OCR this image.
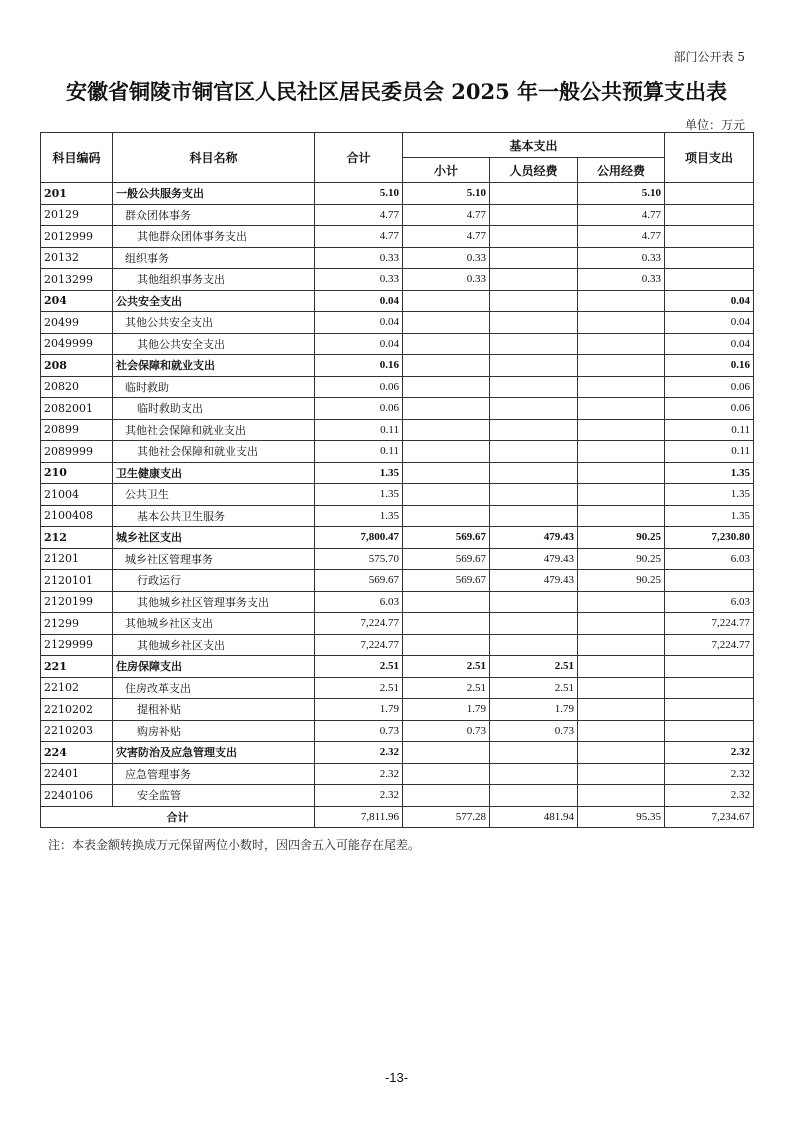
部门公开表 5
安徽省铜陵市铜官区人民社区居民委员会 2025 年一般公共预算支出表
单位：万元
科目编码	科目名称	合计	基本支出			项目支出
			小计	人员经费	公用经费	
201	一般公共服务支出	5.10	5.10		5.10	
20129	群众团体事务	4.77	4.77		4.77	
2012999	其他群众团体事务支出	4.77	4.77		4.77	
20132	组织事务	0.33	0.33		0.33	
2013299	其他组织事务支出	0.33	0.33		0.33	
204	公共安全支出	0.04				0.04
20499	其他公共安全支出	0.04				0.04
2049999	其他公共安全支出	0.04				0.04
208	社会保障和就业支出	0.16				0.16
20820	临时救助	0.06				0.06
2082001	临时救助支出	0.06				0.06
20899	其他社会保障和就业支出	0.11				0.11
2089999	其他社会保障和就业支出	0.11				0.11
210	卫生健康支出	1.35				1.35
21004	公共卫生	1.35				1.35
2100408	基本公共卫生服务	1.35				1.35
212	城乡社区支出	7,800.47	569.67	479.43	90.25	7,230.80
21201	城乡社区管理事务	575.70	569.67	479.43	90.25	6.03
2120101	行政运行	569.67	569.67	479.43	90.25	
2120199	其他城乡社区管理事务支出	6.03				6.03
21299	其他城乡社区支出	7,224.77				7,224.77
2129999	其他城乡社区支出	7,224.77				7,224.77
221	住房保障支出	2.51	2.51	2.51		
22102	住房改革支出	2.51	2.51	2.51		
2210202	提租补贴	1.79	1.79	1.79		
2210203	购房补贴	0.73	0.73	0.73		
224	灾害防治及应急管理支出	2.32				2.32
22401	应急管理事务	2.32				2.32
2240106	安全监管	2.32				2.32
合计		7,811.96	577.28	481.94	95.35	7,234.67
注：本表金额转换成万元保留两位小数时，因四舍五入可能存在尾差。
-13-
